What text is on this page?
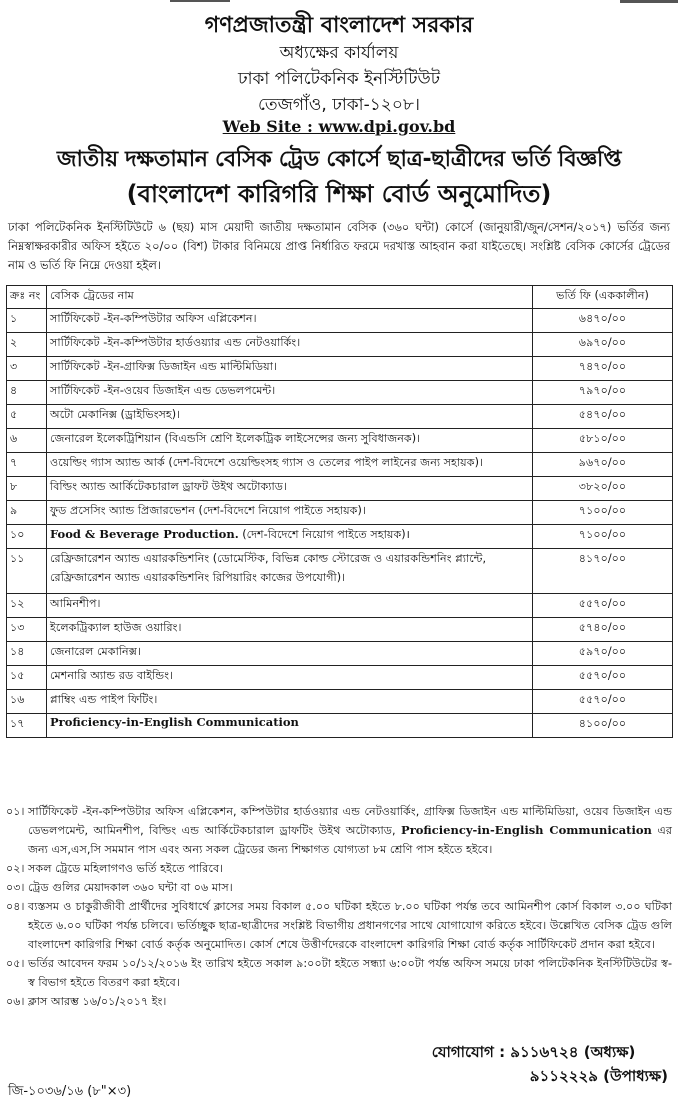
গণপ্রজাতন্ত্রী বাংলাদেশ সরকার
অধ্যক্ষের কার্যালয়
ঢাকা পলিটেকনিক ইনস্টিটিউট
তেজগাঁও, ঢাকা-১২০৮।
Web Site : www.dpi.gov.bd
জাতীয় দক্ষতামান বেসিক ট্রেড কোর্সে ছাত্র-ছাত্রীদের ভর্তি বিজ্ঞপ্তি
(বাংলাদেশ কারিগরি শিক্ষা বোর্ড অনুমোদিত)
ঢাকা পলিটেকনিক ইনস্টিটিউটে ৬ (ছয়) মাস মেয়াদী জাতীয় দক্ষতামান বেসিক (৩৬০ ঘন্টা) কোর্সে (জানুয়ারী/জুন/সেশন/২০১৭) ভর্তির জন্য নিম্নস্বাক্ষরকারীর অফিস হইতে ২০/০০ (বিশ) টাকার বিনিময়ে প্রাপ্ত নির্ধারিত ফরমে দরখাস্ত আহবান করা যাইতেছে। সংশ্লিষ্ট বেসিক কোর্সের ট্রেডের নাম ও ভর্তি ফি নিম্নে দেওয়া হইল।
ক্রঃ নং	বেসিক ট্রেডের নাম	ভর্তি ফি (এককালীন)
১	সার্টিফিকেট -ইন-কম্পিউটার অফিস এপ্লিকেশন।	৬৪৭০/০০
২	সার্টিফিকেট -ইন-কম্পিউটার হার্ডওয়্যার এন্ড নেটওয়ার্কিং।	৬৯৭০/০০
৩	সার্টিফিকেট -ইন-গ্রাফিক্স ডিজাইন এন্ড মাল্টিমিডিয়া।	৭৪৭০/০০
৪	সার্টিফিকেট -ইন-ওয়েব ডিজাইন এন্ড ডেভলপমেন্ট।	৭৯৭০/০০
৫	অটো মেকানিক্স (ড্রাইভিংসহ)।	৫৪৭০/০০
৬	জেনারেল ইলেকট্রিশিয়ান (বিএন্ডসি শ্রেণি ইলেকট্রিক লাইসেন্সের জন্য সুবিধাজনক)।	৫৮১০/০০
৭	ওয়েল্ডিং গ্যাস অ্যান্ড আর্ক (দেশ-বিদেশে ওয়েল্ডিংসহ গ্যাস ও তেলের পাইপ লাইনের জন্য সহায়ক)।	৯৬৭০/০০
৮	বিল্ডিং অ্যান্ড আর্কিটেকচারাল ড্রাফট উইথ অটোক্যাড।	৩৮২০/০০
৯	ফুড প্রসেসিং অ্যান্ড প্রিজারভেশন (দেশ-বিদেশে নিয়োগ পাইতে সহায়ক)।	৭১০০/০০
১০	Food & Beverage Production. (দেশ-বিদেশে নিয়োগ পাইতে সহায়ক)।	৭১০০/০০
১১	রেফ্রিজারেশন অ্যান্ড এয়ারকন্ডিশনিং (ডোমেস্টিক, বিভিন্ন কোল্ড স্টোরেজ ও এয়ারকন্ডিশনিং প্ল্যান্টে, রেফ্রিজারেশন অ্যান্ড এয়ারকন্ডিশনিং রিপিয়ারিং কাজের উপযোগী)।	৪১৭০/০০
১২	আমিনশীপ।	৫৫৭০/০০
১৩	ইলেকট্রিক্যাল হাউজ ওয়ারিং।	৫৭৪০/০০
১৪	জেনারেল মেকানিক্স।	৫৯৭০/০০
১৫	মেশনারি অ্যান্ড রড বাইন্ডিং।	৫৫৭০/০০
১৬	প্লাম্বিং এন্ড পাইপ ফিটিং।	৫৫৭০/০০
১৭	Proficiency-in-English Communication	৪১০০/০০
০১। সার্টিফিকেট -ইন-কম্পিউটার অফিস এপ্লিকেশন, কম্পিউটার হার্ডওয়্যার এন্ড নেটওয়ার্কিং, গ্রাফিক্স ডিজাইন এন্ড মাল্টিমিডিয়া, ওয়েব ডিজাইন এন্ড ডেভলপমেন্ট, আমিনশীপ, বিল্ডিং এন্ড আর্কিটেকচারাল ড্রাফটিং উইথ অটোক্যাড, Proficiency-in-English Communication এর জন্য এস,এস,সি সমমান পাস এবং অন্য সকল ট্রেডের জন্য শিক্ষাগত যোগ্যতা ৮ম শ্রেণি পাস হইতে হইবে।
০২। সকল ট্রেডে মহিলাগণও ভর্তি হইতে পারিবে।
০৩। ট্রেড গুলির মেয়াদকাল ৩৬০ ঘন্টা বা ০৬ মাস।
০৪। ব্যস্তসম ও চাকুরীজীবী প্রার্থীদের সুবিধার্থে ক্লাসের সময় বিকাল ৫.০০ ঘটিকা হইতে ৮.০০ ঘটিকা পর্যন্ত তবে আমিনশীপ কোর্স বিকাল ৩.০০ ঘটিকা হইতে ৬.০০ ঘটিকা পর্যন্ত চলিবে। ভর্তিচ্ছুক ছাত্র-ছাত্রীদের সংশ্লিষ্ট বিভাগীয় প্রধানগণের সাথে যোগাযোগ করিতে হইবে। উল্লেখিত বেসিক ট্রেড গুলি বাংলাদেশ কারিগরি শিক্ষা বোর্ড কর্তৃক অনুমোদিত। কোর্স শেষে উত্তীর্ণদেরকে বাংলাদেশ কারিগরি শিক্ষা বোর্ড কর্তৃক সার্টিফিকেট প্রদান করা হইবে।
০৫। ভর্তির আবেদন ফরম ১০/১২/২০১৬ ইং তারিখ হইতে সকাল ৯:০০টা হইতে সন্ধ্যা ৬:০০টা পর্যন্ত অফিস সময়ে ঢাকা পলিটেকনিক ইনস্টিটিউটের স্ব-স্ব বিভাগ হইতে বিতরণ করা হইবে।
০৬। ক্লাস আরম্ভ ১৬/০১/২০১৭ ইং।
যোগাযোগ : ৯১১৬৭২৪ (অধ্যক্ষ)
৯১১২২২৯ (উপাধ্যক্ষ)
জি-১০৩৬/১৬ (৮"×৩)
